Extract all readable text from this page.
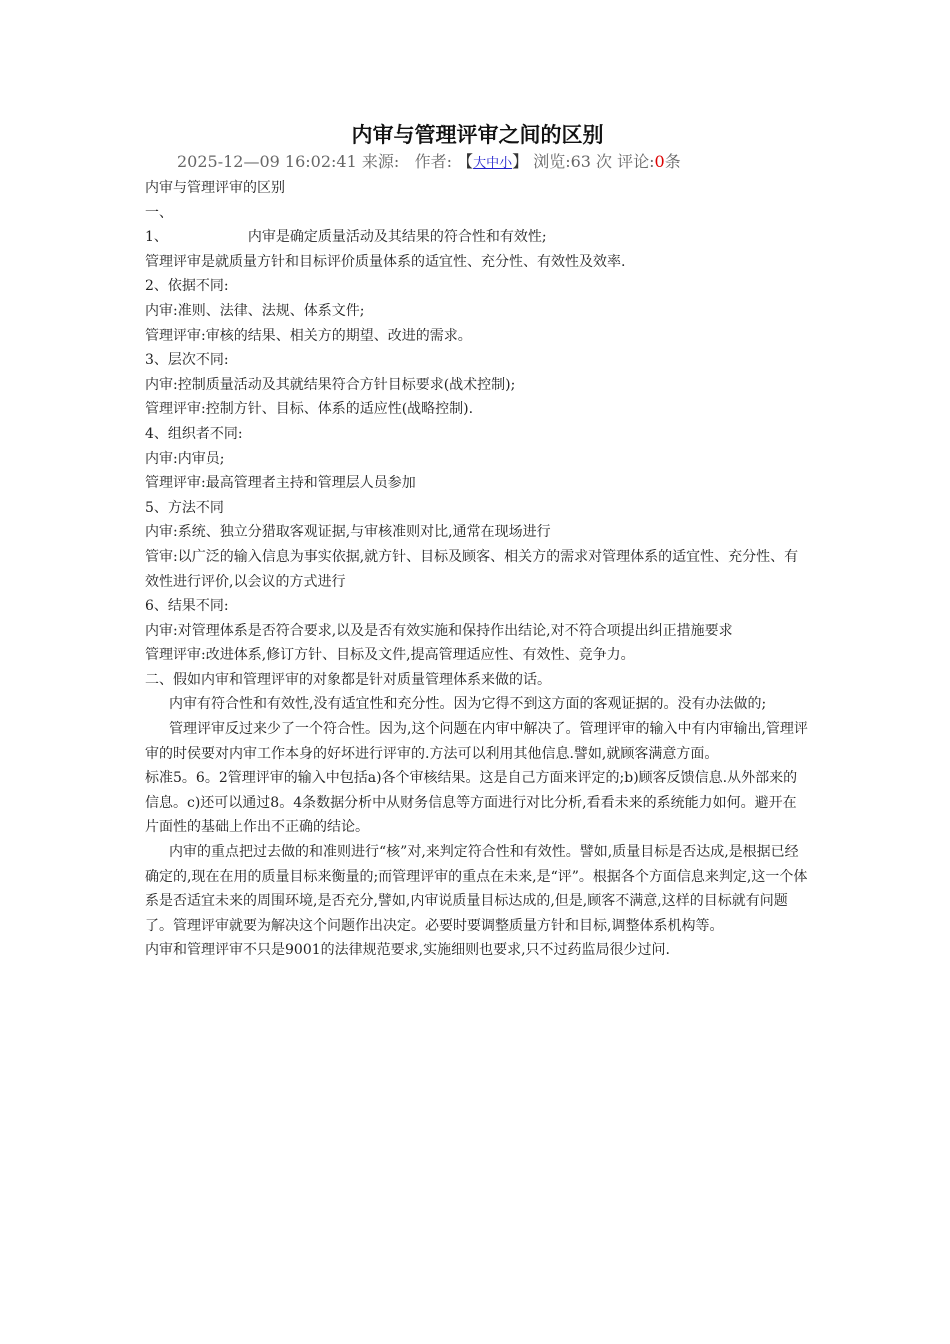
内审与管理评审之间的区别
2025-12—09 16:02:41 来源: 作者: 【大中小】 浏览:63 次 评论:0条

内审与管理评审的区别

一、

1、	内审是确定质量活动及其结果的符合性和有效性;

管理评审是就质量方针和目标评价质量体系的适宜性、充分性、有效性及效率.

2、依据不同:

内审:准则、法律、法规、体系文件;

管理评审:审核的结果、相关方的期望、改进的需求。

3、层次不同:

内审:控制质量活动及其就结果符合方针目标要求(战术控制);

管理评审:控制方针、目标、体系的适应性(战略控制).

4、组织者不同:

内审:内审员;

管理评审:最高管理者主持和管理层人员参加

5、方法不同

内审:系统、独立分猎取客观证据,与审核准则对比,通常在现场进行

管审:以广泛的输入信息为事实依据,就方针、目标及顾客、相关方的需求对管理体系的适宜性、充分性、有效性进行评价,以会议的方式进行

6、结果不同:

内审:对管理体系是否符合要求,以及是否有效实施和保持作出结论,对不符合项提出纠正措施要求

管理评审:改进体系,修订方针、目标及文件,提高管理适应性、有效性、竞争力。

二、假如内审和管理评审的对象都是针对质量管理体系来做的话。

内审有符合性和有效性,没有适宜性和充分性。因为它得不到这方面的客观证据的。没有办法做的;

管理评审反过来少了一个符合性。因为,这个问题在内审中解决了。管理评审的输入中有内审输出,管理评审的时侯要对内审工作本身的好坏进行评审的.方法可以利用其他信息.譬如,就顾客满意方面。

标准5。6。2管理评审的输入中包括a)各个审核结果。这是自己方面来评定的;b)顾客反馈信息.从外部来的信息。c)还可以通过8。4条数据分析中从财务信息等方面进行对比分析,看看未来的系统能力如何。避开在片面性的基础上作出不正确的结论。

内审的重点把过去做的和准则进行“核”对,来判定符合性和有效性。譬如,质量目标是否达成,是根据已经确定的,现在在用的质量目标来衡量的;而管理评审的重点在未来,是“评”。根据各个方面信息来判定,这一个体系是否适宜未来的周围环境,是否充分,譬如,内审说质量目标达成的,但是,顾客不满意,这样的目标就有问题了。管理评审就要为解决这个问题作出决定。必要时要调整质量方针和目标,调整体系机构等。

内审和管理评审不只是9001的法律规范要求,实施细则也要求,只不过药监局很少过问.
